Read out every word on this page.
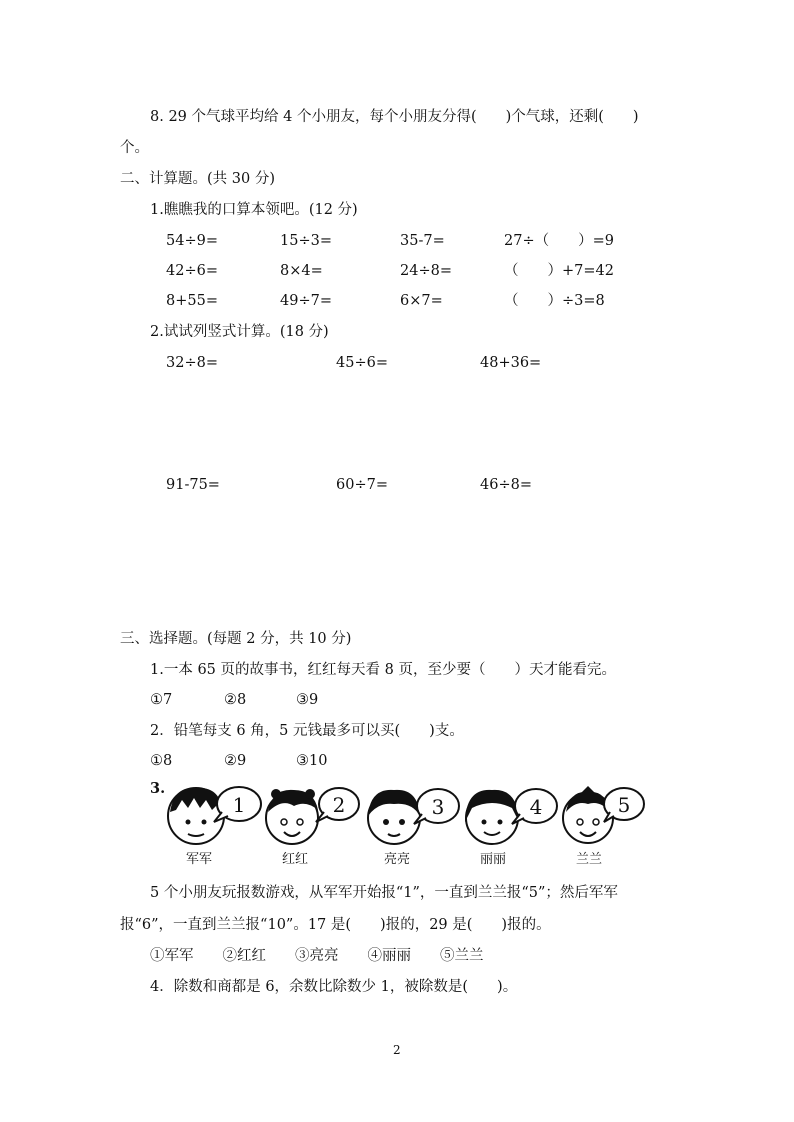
8. 29 个气球平均给 4 个小朋友，每个小朋友分得(　　)个气球，还剩(　　)
个。
二、计算题。(共 30 分)
1.瞧瞧我的口算本领吧。(12 分)
54÷9=	15÷3=	35-7=	27÷（　　）=9
42÷6=	8×4=	24÷8=	（　　）+7=42
8+55=	49÷7=	6×7=	（　　）÷3=8
2.试试列竖式计算。(18 分)
32÷8=	45÷6=	48+36=
91-75=	60÷7=	46÷8=
三、选择题。(每题 2 分，共 10 分)
1.一本 65 页的故事书，红红每天看 8 页，至少要（　　）天才能看完。
①7	②8	③9
2．铅笔每支 6 角，5 元钱最多可以买(　　)支。
①8	②9	③10
3.
1
军军
2
红红
3
亮亮
4
丽丽
5
兰兰
5 个小朋友玩报数游戏，从军军开始报“1”，一直到兰兰报“5”；然后军军
报“6”，一直到兰兰报“10”。17 是(　　)报的，29 是(　　)报的。
①军军　　②红红　　③亮亮　　④丽丽　　⑤兰兰
4．除数和商都是 6，余数比除数少 1，被除数是(　　)。
2
